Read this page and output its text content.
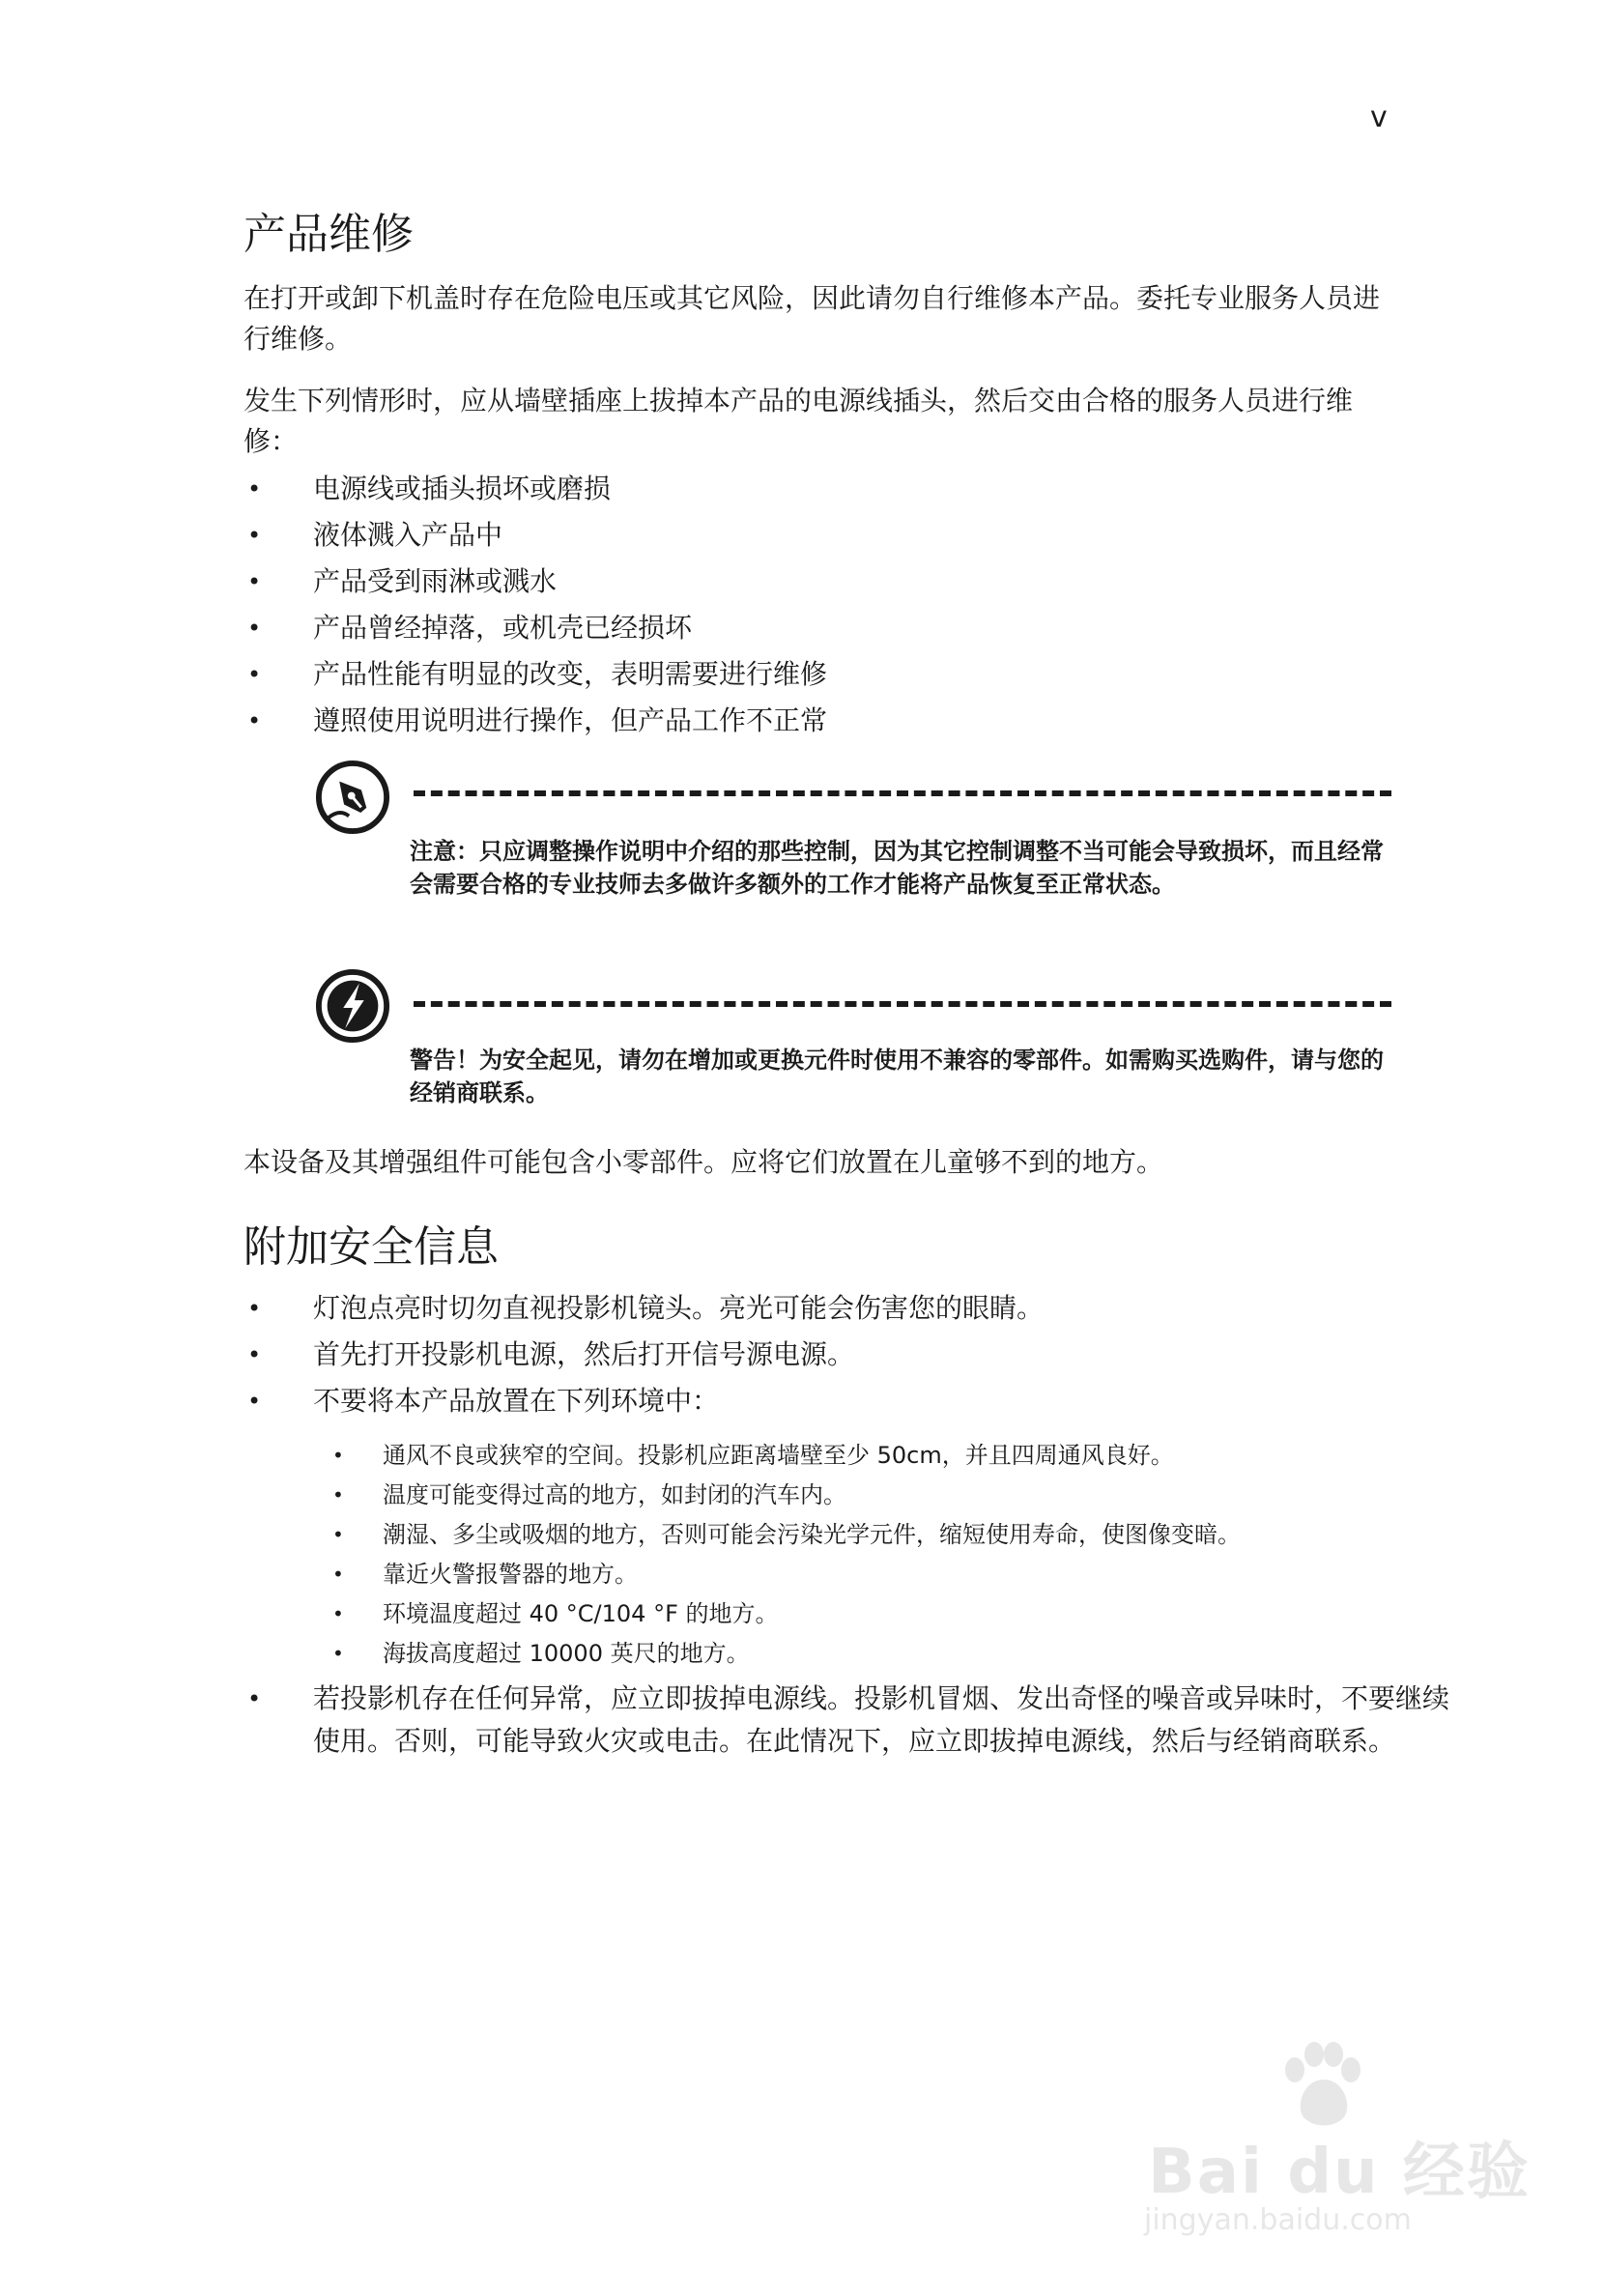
v
产品维修

在打开或卸下机盖时存在危险电压或其它风险，因此请勿自行维修本产品。委托专业服务人员进行维修。

发生下列情形时，应从墙壁插座上拔掉本产品的电源线插头，然后交由合格的服务人员进行维修：

• 电源线或插头损坏或磨损
• 液体溅入产品中
• 产品受到雨淋或溅水
• 产品曾经掉落，或机壳已经损坏
• 产品性能有明显的改变，表明需要进行维修
• 遵照使用说明进行操作，但产品工作不正常

注意：只应调整操作说明中介绍的那些控制，因为其它控制调整不当可能会导致损坏，而且经常会需要合格的专业技师去多做许多额外的工作才能将产品恢复至正常状态。

警告！为安全起见，请勿在增加或更换元件时使用不兼容的零部件。如需购买选购件，请与您的经销商联系。

本设备及其增强组件可能包含小零部件。应将它们放置在儿童够不到的地方。

附加安全信息
• 灯泡点亮时切勿直视投影机镜头。亮光可能会伤害您的眼睛。
• 首先打开投影机电源，然后打开信号源电源。
• 不要将本产品放置在下列环境中：
• 通风不良或狭窄的空间。投影机应距离墙壁至少 50cm，并且四周通风良好。
• 温度可能变得过高的地方，如封闭的汽车内。
• 潮湿、多尘或吸烟的地方，否则可能会污染光学元件，缩短使用寿命，使图像变暗。
• 靠近火警报警器的地方。
• 环境温度超过 40 °C/104 °F 的地方。
• 海拔高度超过 10000 英尺的地方。
• 若投影机存在任何异常，应立即拔掉电源线。投影机冒烟、发出奇怪的噪音或异味时，不要继续使用。否则，可能导致火灾或电击。在此情况下，应立即拔掉电源线，然后与经销商联系。
Bai du 经验
jingyan.baidu.com
